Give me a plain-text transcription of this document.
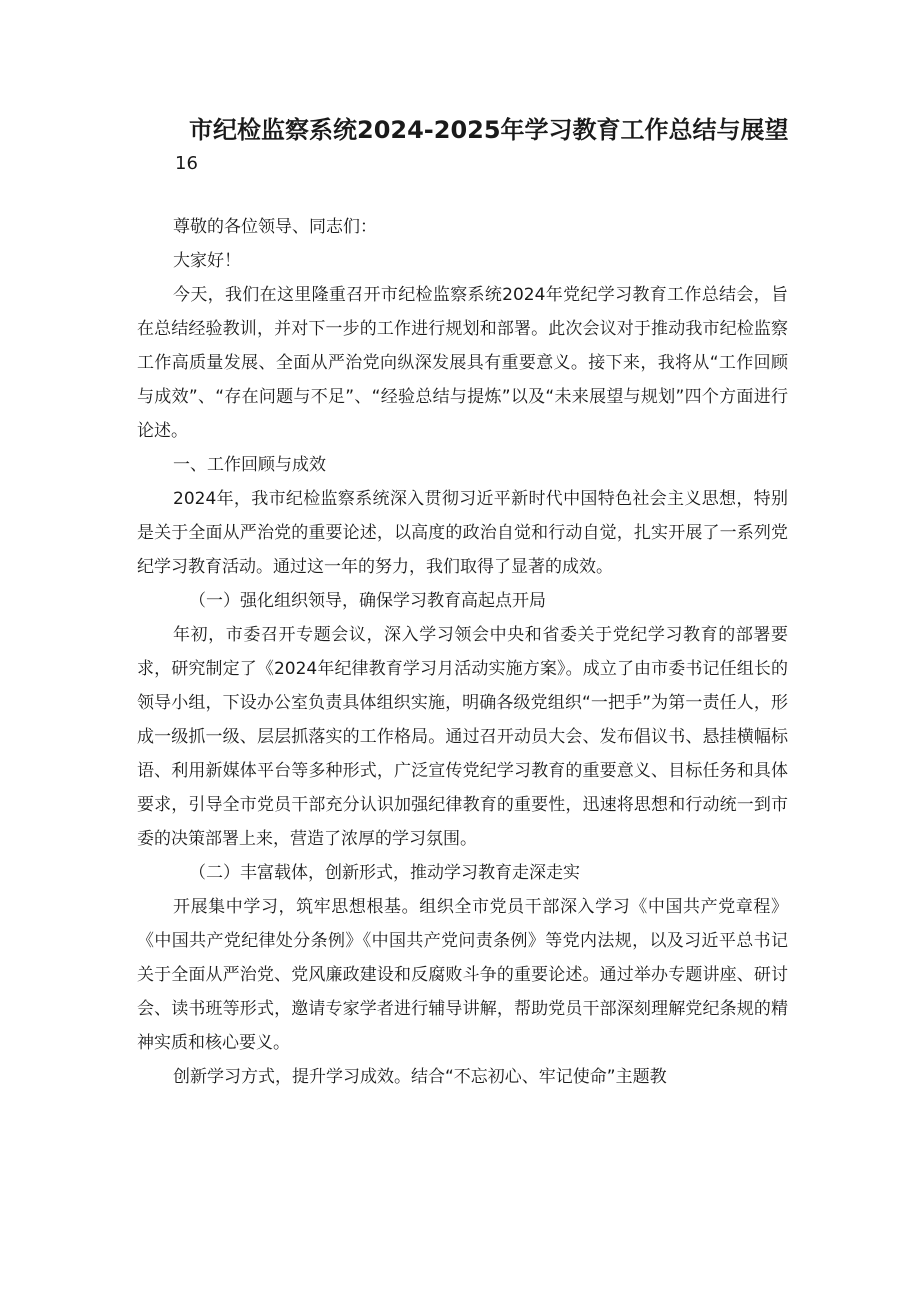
市纪检监察系统2024-2025年学习教育工作总结与展望
16

尊敬的各位领导、同志们：

大家好！

今天，我们在这里隆重召开市纪检监察系统2024年党纪学习教育工作总结会，旨在总结经验教训，并对下一步的工作进行规划和部署。此次会议对于推动我市纪检监察工作高质量发展、全面从严治党向纵深发展具有重要意义。接下来，我将从“工作回顾与成效”、“存在问题与不足”、“经验总结与提炼”以及“未来展望与规划”四个方面进行论述。

一、工作回顾与成效

2024年，我市纪检监察系统深入贯彻习近平新时代中国特色社会主义思想，特别是关于全面从严治党的重要论述，以高度的政治自觉和行动自觉，扎实开展了一系列党纪学习教育活动。通过这一年的努力，我们取得了显著的成效。

（一）强化组织领导，确保学习教育高起点开局

年初，市委召开专题会议，深入学习领会中央和省委关于党纪学习教育的部署要求，研究制定了《2024年纪律教育学习月活动实施方案》。成立了由市委书记任组长的领导小组，下设办公室负责具体组织实施，明确各级党组织“一把手”为第一责任人，形成一级抓一级、层层抓落实的工作格局。通过召开动员大会、发布倡议书、悬挂横幅标语、利用新媒体平台等多种形式，广泛宣传党纪学习教育的重要意义、目标任务和具体要求，引导全市党员干部充分认识加强纪律教育的重要性，迅速将思想和行动统一到市委的决策部署上来，营造了浓厚的学习氛围。

（二）丰富载体，创新形式，推动学习教育走深走实

开展集中学习，筑牢思想根基。组织全市党员干部深入学习《中国共产党章程》《中国共产党纪律处分条例》《中国共产党问责条例》等党内法规，以及习近平总书记关于全面从严治党、党风廉政建设和反腐败斗争的重要论述。通过举办专题讲座、研讨会、读书班等形式，邀请专家学者进行辅导讲解，帮助党员干部深刻理解党纪条规的精神实质和核心要义。

创新学习方式，提升学习成效。结合“不忘初心、牢记使命”主题教
